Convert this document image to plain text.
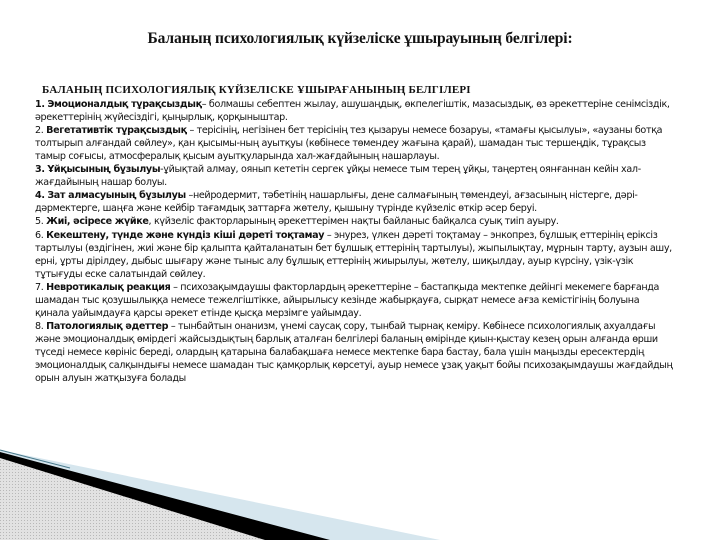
Баланың психологиялық күйзеліске ұшырауының белгілері:
БАЛАНЫҢ ПСИХОЛОГИЯЛЫҚ КҮЙЗЕЛІСКЕ ҰШЫРАҒАНЫНЫҢ БЕЛГІЛЕРІ
1. Эмоционалдық тұрақсыздық– болмашы себептен жылау, ашушаңдық, өкпелегіштік, мазасыздық, өз әрекеттеріне сенімсіздік, әрекеттерінің жүйесіздігі, қыңырлық, қорқыныштар.
2. Вегетативтік тұрақсыздық – терісінің, негізінен бет терісінің тез қызаруы немесе бозаруы, «тамағы қысылуы», «аузаны ботқа толтырып алғандай сөйлеу», қан қысымы-ның ауытқуы (көбінесе төмендеу жағына қарай), шамадан тыс тершеңдік, тұрақсыз тамыр соғысы, атмосфералық қысым ауытқуларында хал-жағдайының нашарлауы.
3. Ұйқысының бұзылуы-ұйықтай алмау, оянып кететін сергек ұйқы немесе тым терең ұйқы, таңертең оянғаннан кейін хал-жағдайының нашар болуы.
4. Зат алмасуының бұзылуы –нейродермит, тәбетінің нашарлығы, дене салмағының төмендеуі, ағзасының ністерге, дәрі-дәрмектерге, шаңға және кейбір тағамдық заттарға жөтелу, қышыну түрінде күйзеліс өткір әсер беруі.
5. Жиі, әсіресе жүйке, күйзеліс факторларының әрекеттерімен нақты байланыс байқалса суық тиіп ауыру.
6. Кекештену, түнде және күндіз кіші дәреті тоқтамау – энурез, үлкен дәреті тоқтамау – энкопрез, бұлшық еттерінің еріксіз тартылуы (өздігінен, жиі және бір қалыпта қайталанатын бет бұлшық еттерінің тартылуы), жыпылықтау, мұрнын тарту, аузын ашу, ерні, ұрты дірілдеу, дыбыс шығару және тыныс алу бұлшық еттерінің жиырылуы, жөтелу, шиқылдау, ауыр күрсіну, үзік-үзік тұтығуды еске салатындай сөйлеу.
7. Невротикалық реакция – психозақымдаушы факторлардың әрекеттеріне – бастапқыда мектепке дейінгі мекемеге барғанда шамадан тыс қозушылыққа немесе тежелгіштікке, айырылысу кезінде жабырқауға, сырқат немесе ағза кемістігінің болуына қинала уайымдауға қарсы әрекет етінде қысқа мерзімге уайымдау.
8. Патологиялық әдеттер – тынбайтын онанизм, үнемі саусақ сору, тынбай тырнақ кеміру. Көбінесе психологиялық ахуалдағы және эмоционалдық өмірдегі жайсыздықтың барлық аталған белгілері баланың өмірінде қиын-қыстау кезең орын алғанда өрши түседі немесе көрініс береді, олардың қатарына балабақшаға немесе мектепке бара бастау, бала үшін маңызды ересектердің эмоционалдық салқындығы немесе шамадан тыс қамқорлық көрсетуі, ауыр немесе ұзақ уақыт бойы психозақымдаушы жағдайдың орын алуын жатқызуға болады
